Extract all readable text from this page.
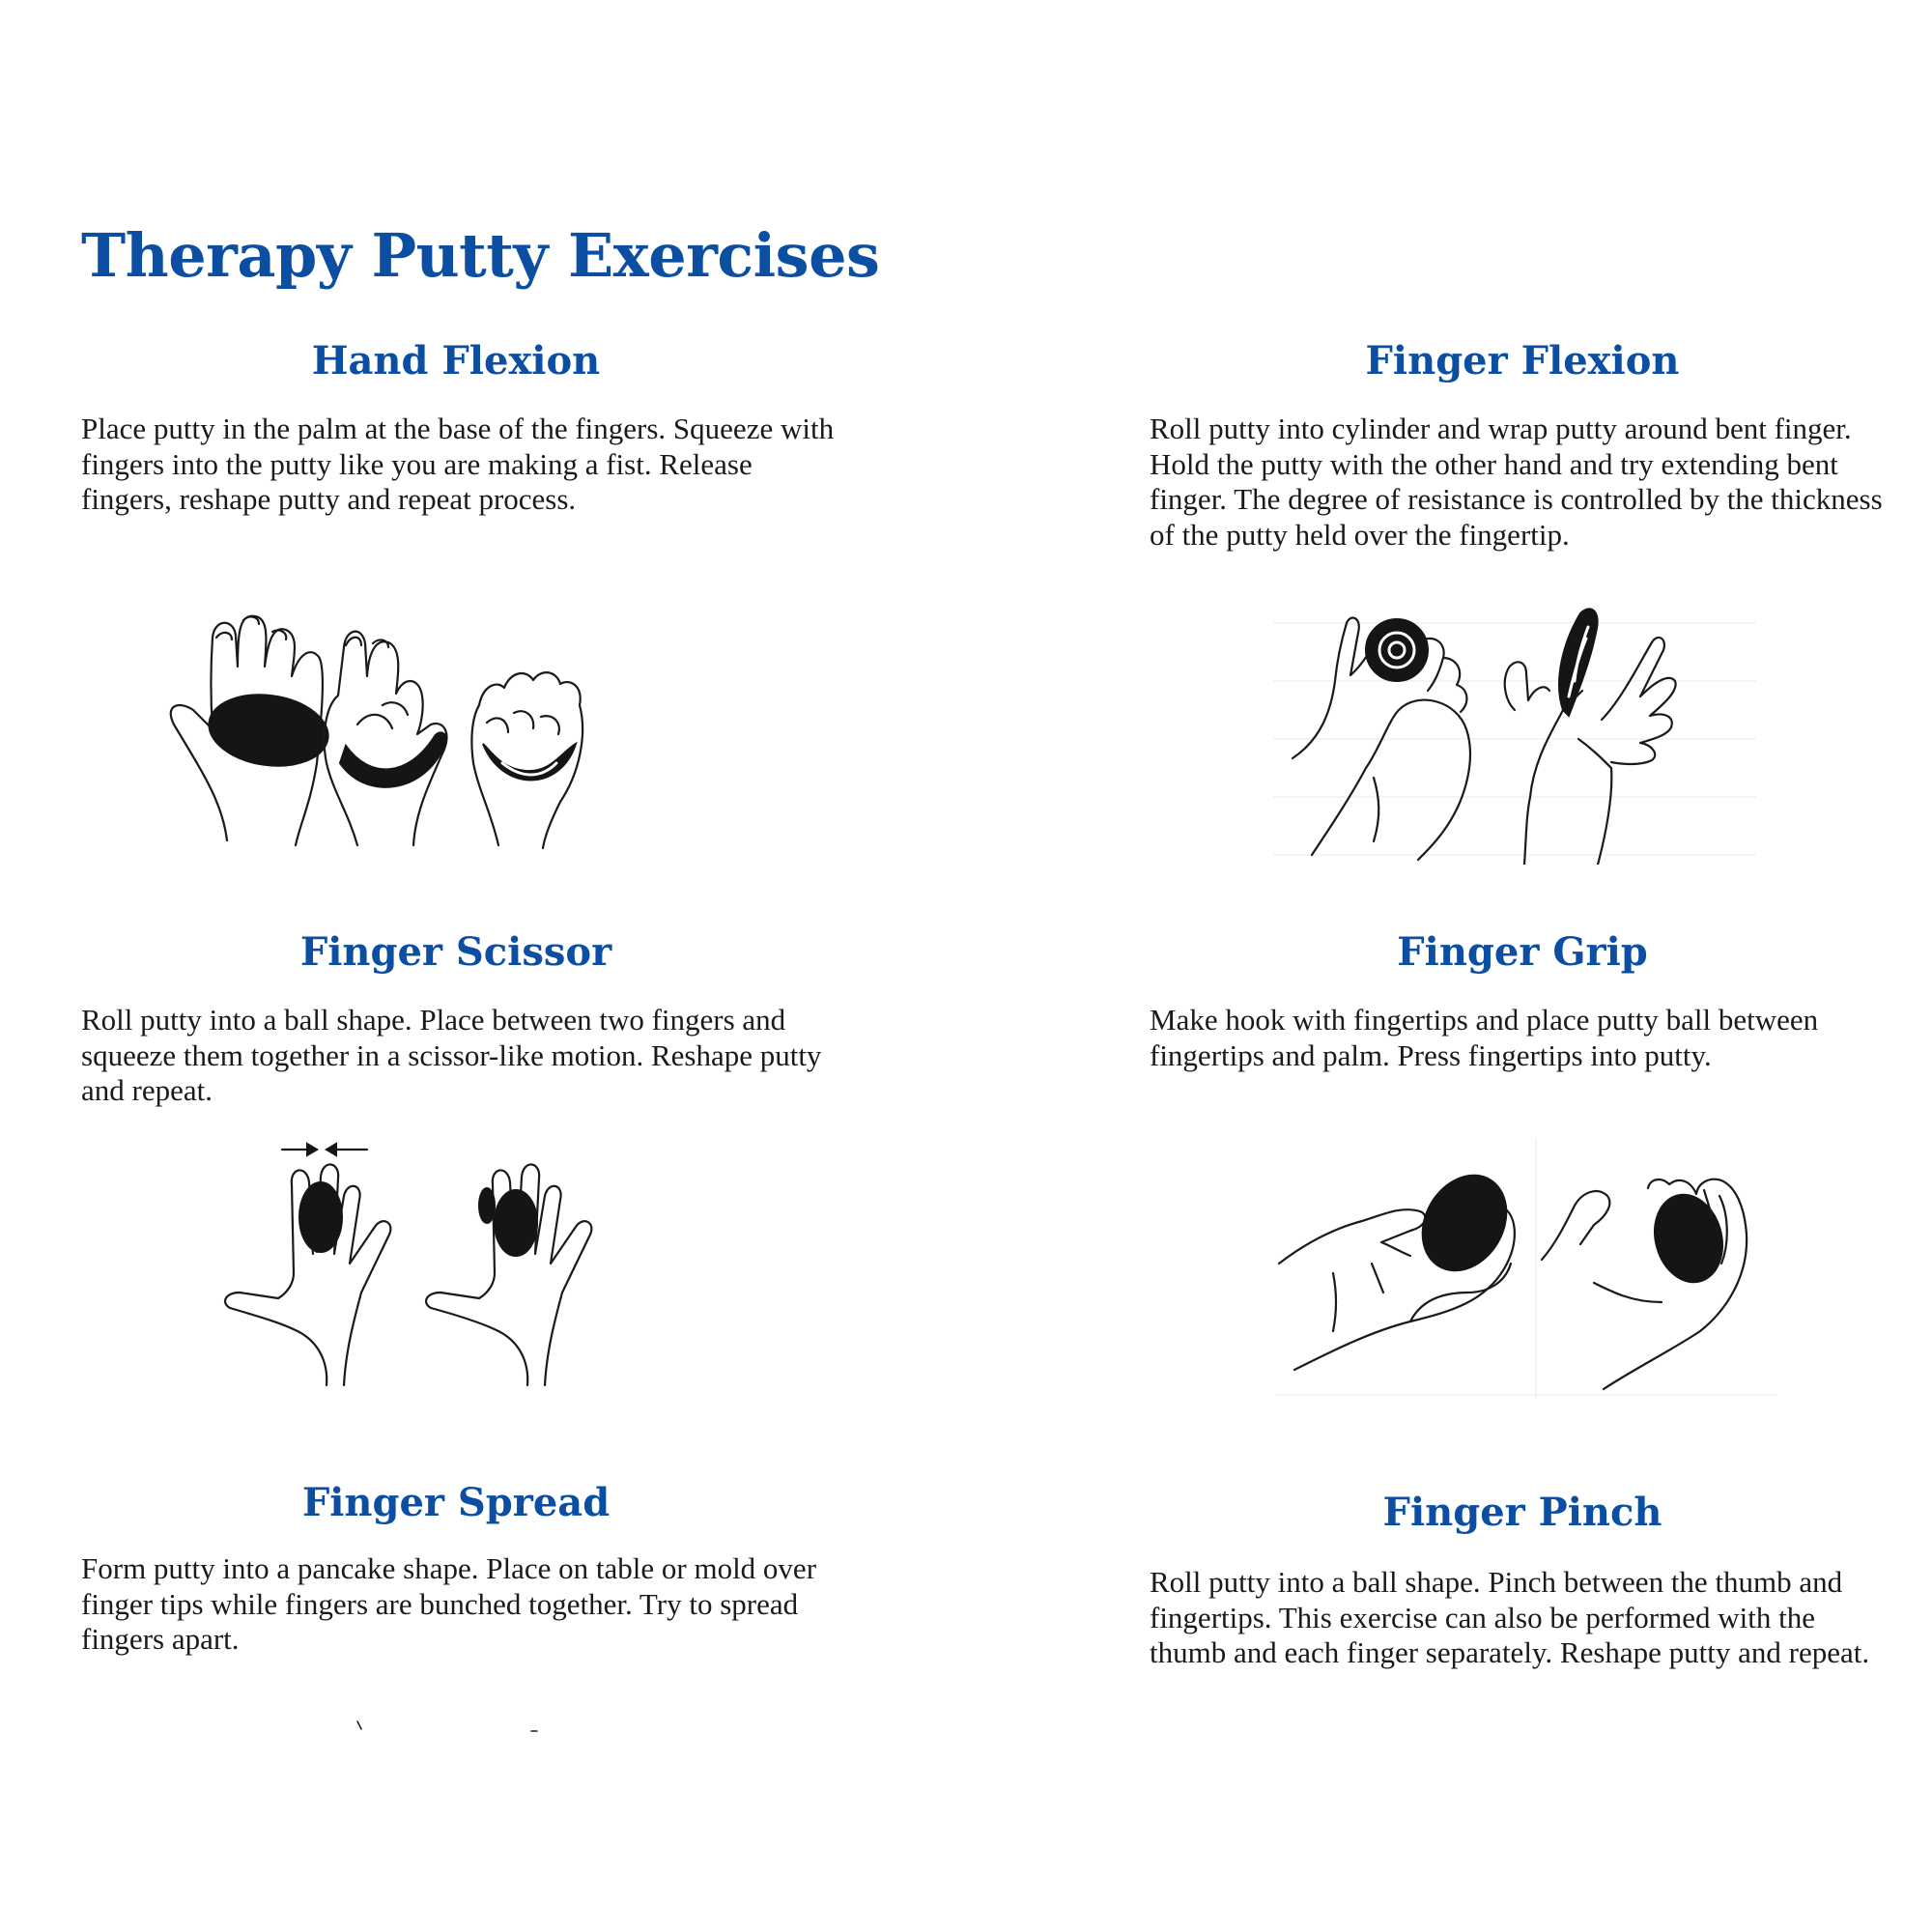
Therapy Putty Exercises
Hand Flexion

Place putty in the palm at the base of the fingers. Squeeze with fingers into the putty like you are making a fist. Release fingers, reshape putty and repeat process.

Finger Flexion

Roll putty into cylinder and wrap putty around bent finger. Hold the putty with the other hand and try extending bent finger. The degree of resistance is controlled by the thickness of the putty held over the fingertip.

Finger Scissor

Roll putty into a ball shape. Place between two fingers and squeeze them together in a scissor-like motion. Reshape putty and repeat.

Finger Grip

Make hook with fingertips and place putty ball between fingertips and palm. Press fingertips into putty.

Finger Spread

Form putty into a pancake shape. Place on table or mold over finger tips while fingers are bunched together. Try to spread fingers apart.

Finger Pinch

Roll putty into a ball shape. Pinch between the thumb and fingertips. This exercise can also be performed with the thumb and each finger separately. Reshape putty and repeat.
